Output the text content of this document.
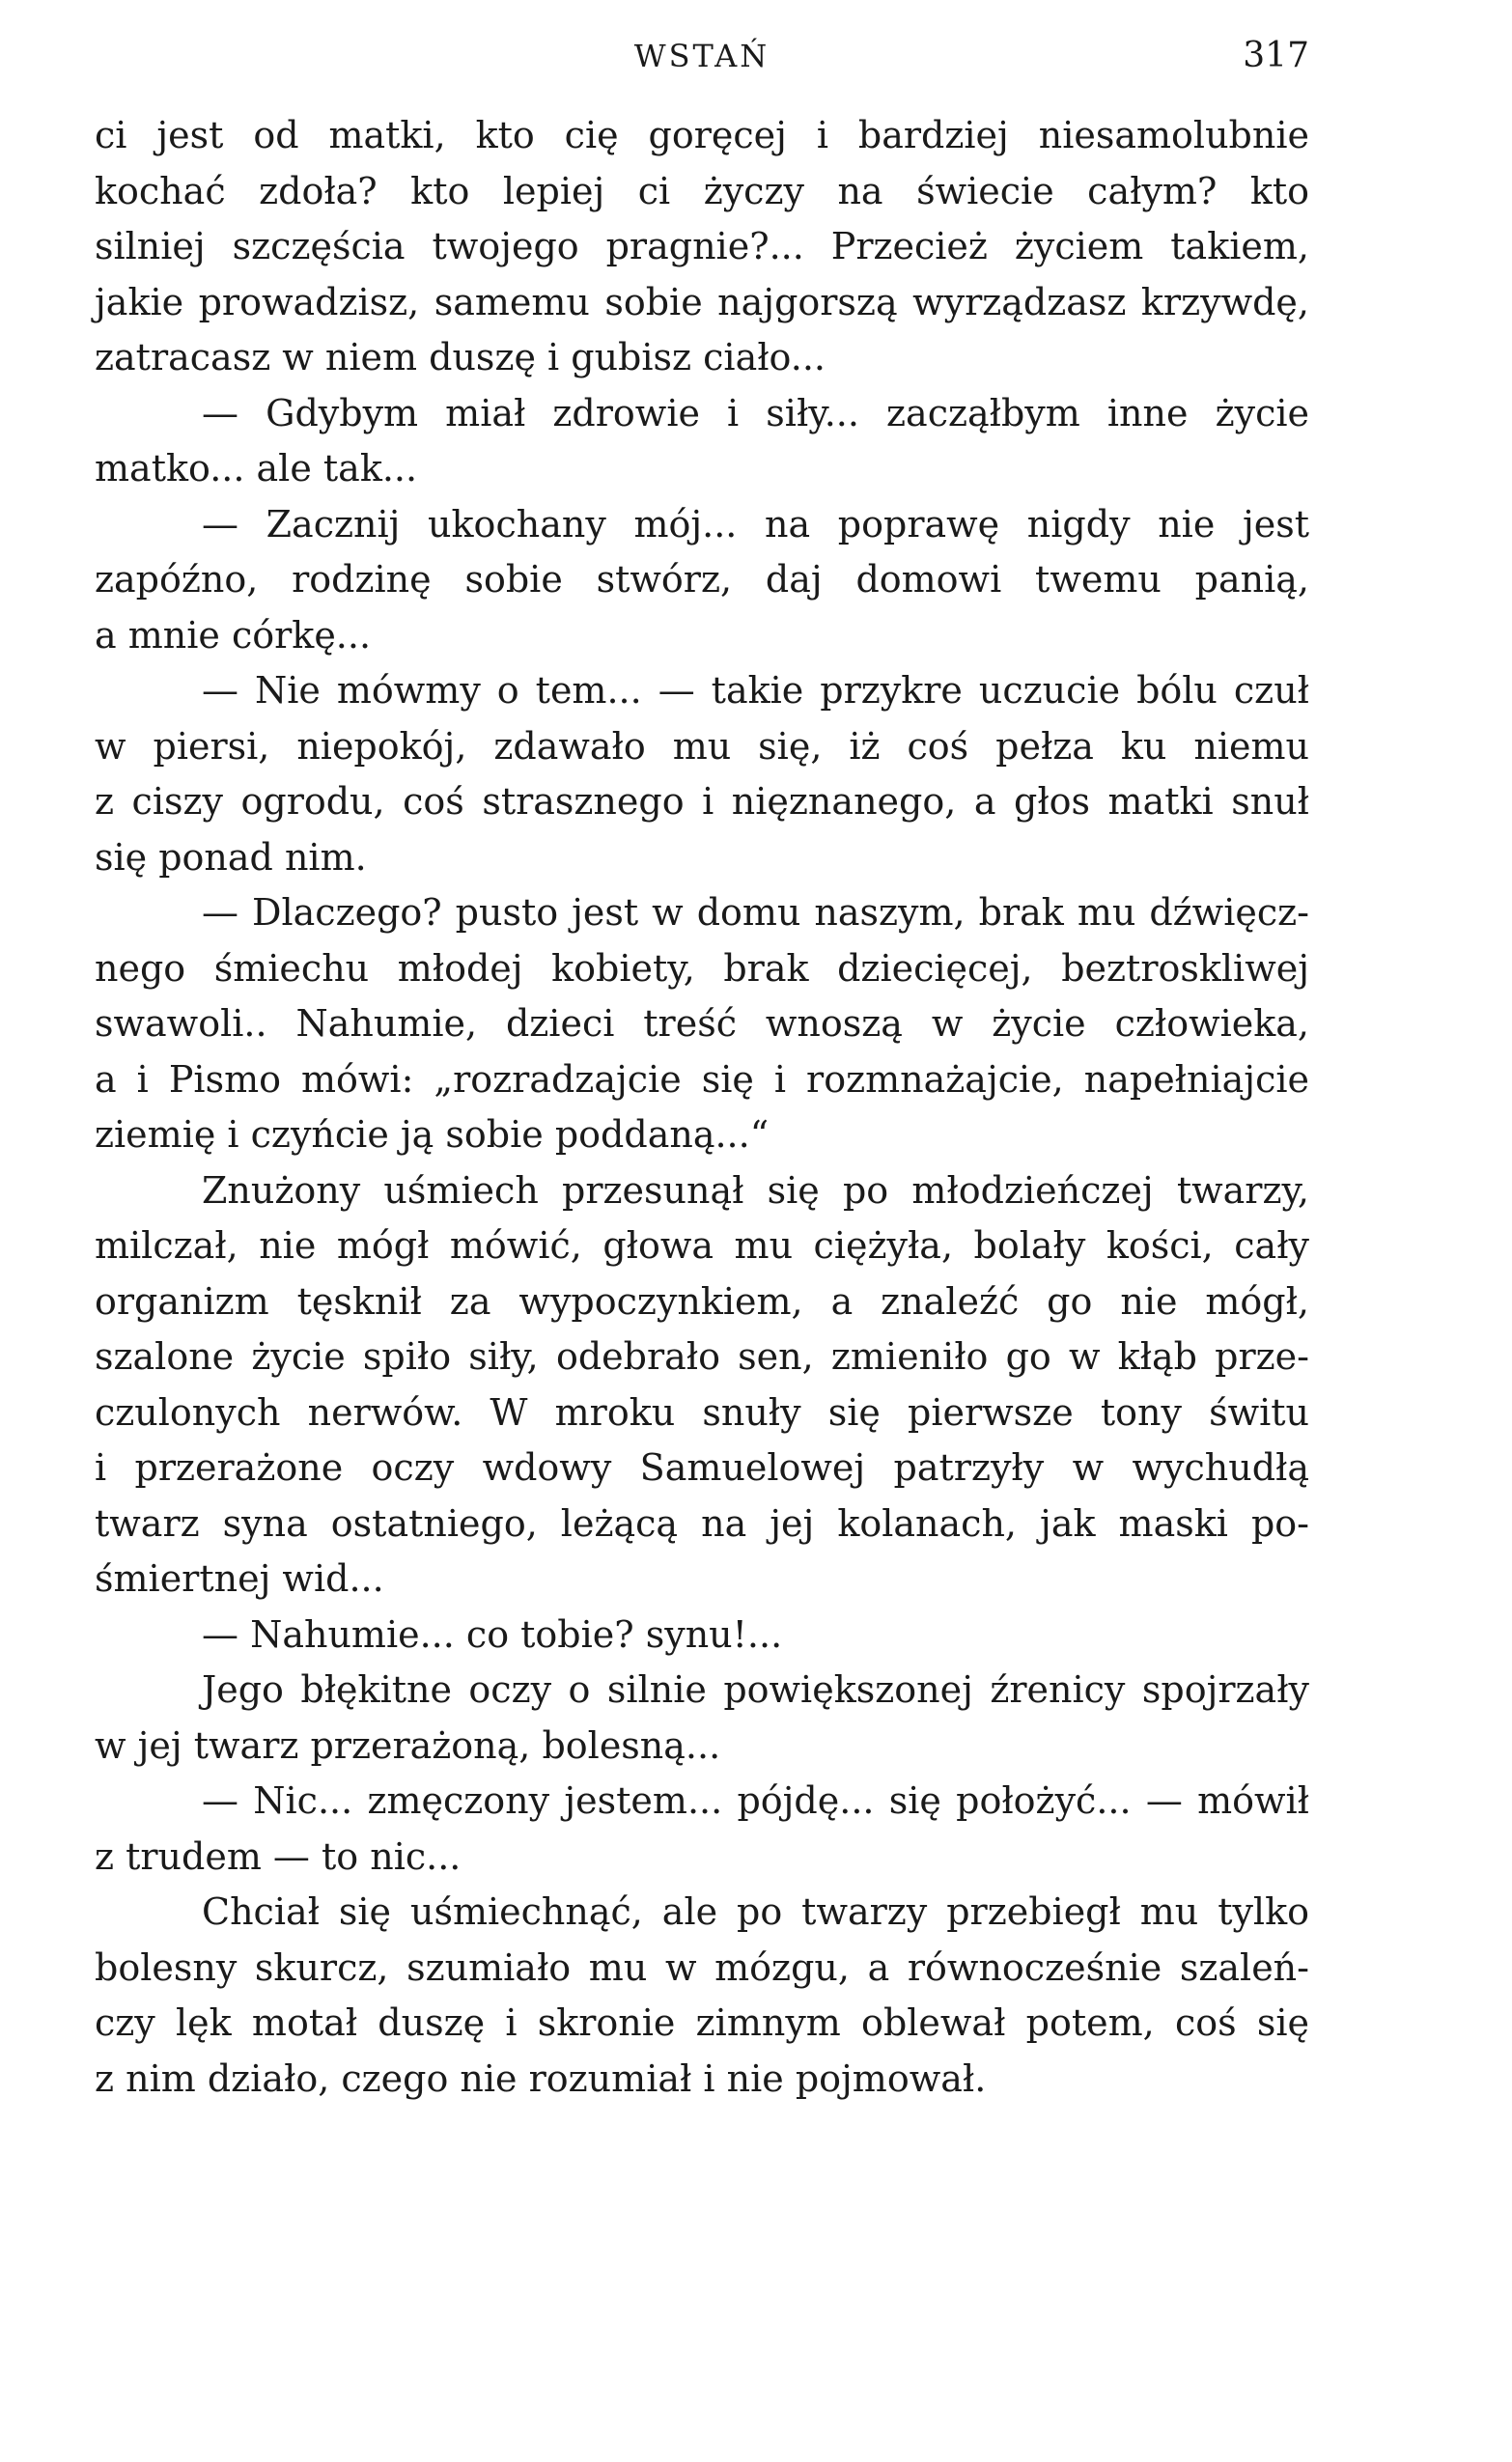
WSTAŃ	317
ci jest od matki, kto cię goręcej i bardziej niesamolubnie
kochać zdoła? kto lepiej ci życzy na świecie całym? kto
silniej szczęścia twojego pragnie?... Przecież życiem takiem,
jakie prowadzisz, samemu sobie najgorszą wyrządzasz krzywdę,
zatracasz w niem duszę i gubisz ciało...
— Gdybym miał zdrowie i siły... zacząłbym inne życie
matko... ale tak...
— Zacznij ukochany mój... na poprawę nigdy nie jest
zapóźno, rodzinę sobie stwórz, daj domowi twemu panią,
a mnie córkę...
— Nie mówmy o tem... — takie przykre uczucie bólu czuł
w piersi, niepokój, zdawało mu się, iż coś pełza ku niemu
z ciszy ogrodu, coś strasznego i nięznanego, a głos matki snuł
się ponad nim.
— Dlaczego? pusto jest w domu naszym, brak mu dźwięcz-
nego śmiechu młodej kobiety, brak dziecięcej, beztroskliwej
swawoli.. Nahumie, dzieci treść wnoszą w życie człowieka,
a i Pismo mówi: „rozradzajcie się i rozmnażajcie, napełniajcie
ziemię i czyńcie ją sobie poddaną...“
Znużony uśmiech przesunął się po młodzieńczej twarzy,
milczał, nie mógł mówić, głowa mu ciężyła, bolały kości, cały
organizm tęsknił za wypoczynkiem, a znaleźć go nie mógł,
szalone życie spiło siły, odebrało sen, zmieniło go w kłąb prze-
czulonych nerwów. W mroku snuły się pierwsze tony świtu
i przerażone oczy wdowy Samuelowej patrzyły w wychudłą
twarz syna ostatniego, leżącą na jej kolanach, jak maski po-
śmiertnej wid...
— Nahumie... co tobie? synu!...
Jego błękitne oczy o silnie powiększonej źrenicy spojrzały
w jej twarz przerażoną, bolesną...
— Nic... zmęczony jestem... pójdę... się położyć... — mówił
z trudem — to nic...
Chciał się uśmiechnąć, ale po twarzy przebiegł mu tylko
bolesny skurcz, szumiało mu w mózgu, a równocześnie szaleń-
czy lęk motał duszę i skronie zimnym oblewał potem, coś się
z nim działo, czego nie rozumiał i nie pojmował.
